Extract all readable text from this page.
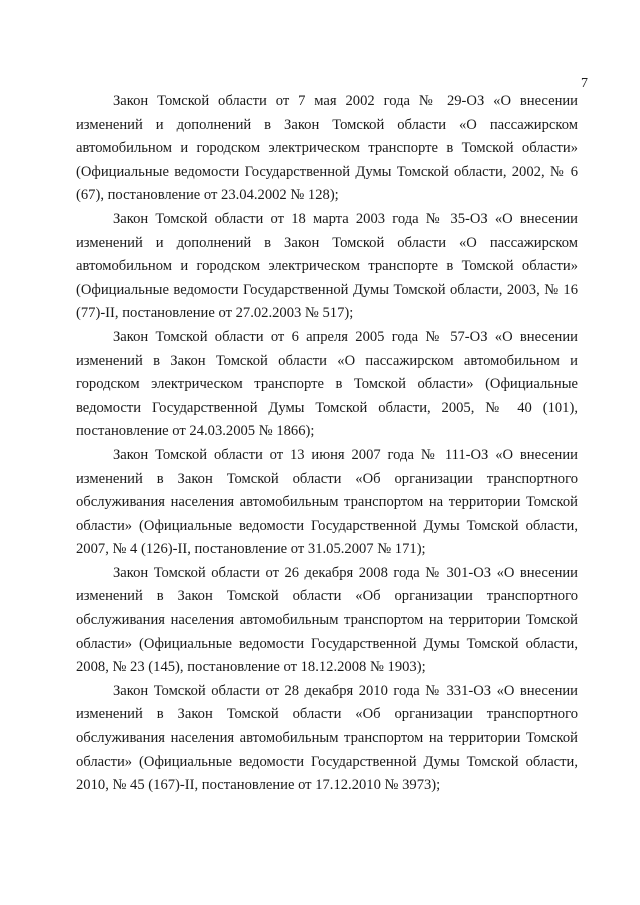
7

Закон Томской области от 7 мая 2002 года № 29-ОЗ «О внесении изменений и дополнений в Закон Томской области «О пассажирском автомобильном и городском электрическом транспорте в Томской области» (Официальные ведомости Государственной Думы Томской области, 2002, № 6 (67), постановление от 23.04.2002 № 128);

Закон Томской области от 18 марта 2003 года № 35-ОЗ «О внесении изменений и дополнений в Закон Томской области «О пассажирском автомобильном и городском электрическом транспорте в Томской области» (Официальные ведомости Государственной Думы Томской области, 2003, № 16 (77)-II, постановление от 27.02.2003 № 517);

Закон Томской области от 6 апреля 2005 года № 57-ОЗ «О внесении изменений в Закон Томской области «О пассажирском автомобильном и городском электрическом транспорте в Томской области» (Официальные ведомости Государственной Думы Томской области, 2005, № 40 (101), постановление от 24.03.2005 № 1866);

Закон Томской области от 13 июня 2007 года № 111-ОЗ «О внесении изменений в Закон Томской области «Об организации транспортного обслуживания населения автомобильным транспортом на территории Томской области» (Официальные ведомости Государственной Думы Томской области, 2007, № 4 (126)-II, постановление от 31.05.2007 № 171);

Закон Томской области от 26 декабря 2008 года № 301-ОЗ «О внесении изменений в Закон Томской области «Об организации транспортного обслуживания населения автомобильным транспортом на территории Томской области» (Официальные ведомости Государственной Думы Томской области, 2008, № 23 (145), постановление от 18.12.2008 № 1903);

Закон Томской области от 28 декабря 2010 года № 331-ОЗ «О внесении изменений в Закон Томской области «Об организации транспортного обслуживания населения автомобильным транспортом на территории Томской области» (Официальные ведомости Государственной Думы Томской области, 2010, № 45 (167)-II, постановление от 17.12.2010 № 3973);
